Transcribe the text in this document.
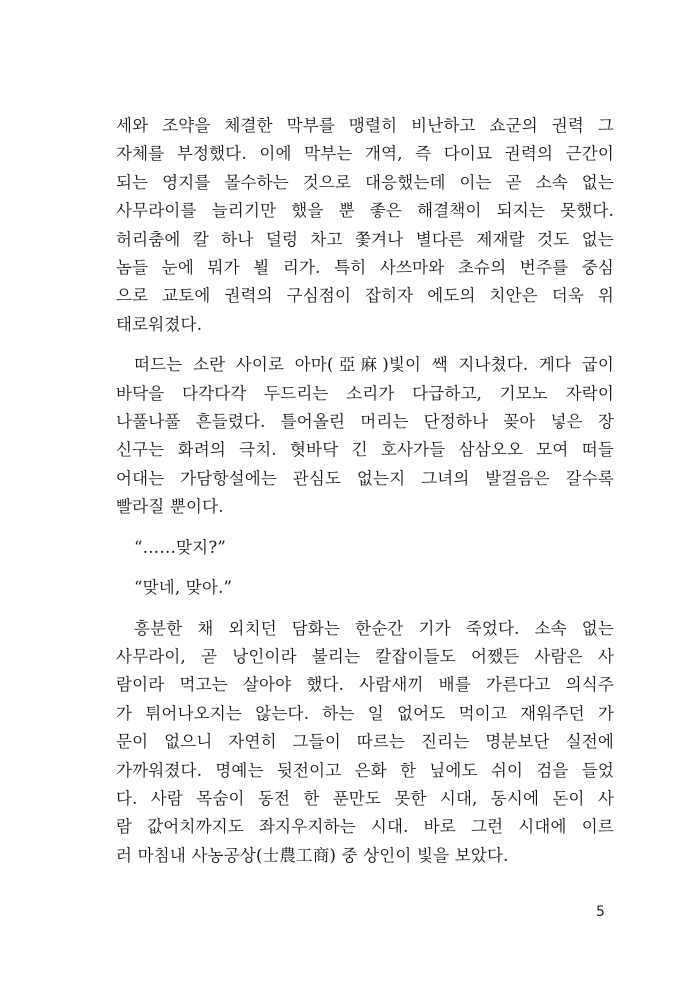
세와 조약을 체결한 막부를 맹렬히 비난하고 쇼군의 권력 그
자체를 부정했다. 이에 막부는 개역, 즉 다이묘 권력의 근간이
되는 영지를 몰수하는 것으로 대응했는데 이는 곧 소속 없는
사무라이를 늘리기만 했을 뿐 좋은 해결책이 되지는 못했다.
허리춤에 칼 하나 덜렁 차고 쫓겨나 별다른 제재랄 것도 없는
놈들 눈에 뭐가 뵐 리가. 특히 사쓰마와 초슈의 번주를 중심
으로 교토에 권력의 구심점이 잡히자 에도의 치안은 더욱 위
태로워졌다.

떠드는 소란 사이로 아마(亞麻)빛이 쌕 지나쳤다. 게다 굽이
바닥을 다각다각 두드리는 소리가 다급하고, 기모노 자락이
나풀나풀 흔들렸다. 틀어올린 머리는 단정하나 꽂아 넣은 장
신구는 화려의 극치. 혓바닥 긴 호사가들 삼삼오오 모여 떠들
어대는 가담항설에는 관심도 없는지 그녀의 발걸음은 갈수록
빨라질 뿐이다.

“……맞지?”

“맞네, 맞아.”

흥분한 채 외치던 담화는 한순간 기가 죽었다. 소속 없는
사무라이, 곧 낭인이라 불리는 칼잡이들도 어쨌든 사람은 사
람이라 먹고는 살아야 했다. 사람새끼 배를 가른다고 의식주
가 튀어나오지는 않는다. 하는 일 없어도 먹이고 재워주던 가
문이 없으니 자연히 그들이 따르는 진리는 명분보단 실전에
가까워졌다. 명예는 뒷전이고 은화 한 닢에도 쉬이 검을 들었
다. 사람 목숨이 동전 한 푼만도 못한 시대, 동시에 돈이 사
람 값어치까지도 좌지우지하는 시대. 바로 그런 시대에 이르
러 마침내 사농공상(士農工商) 중 상인이 빛을 보았다.

5
